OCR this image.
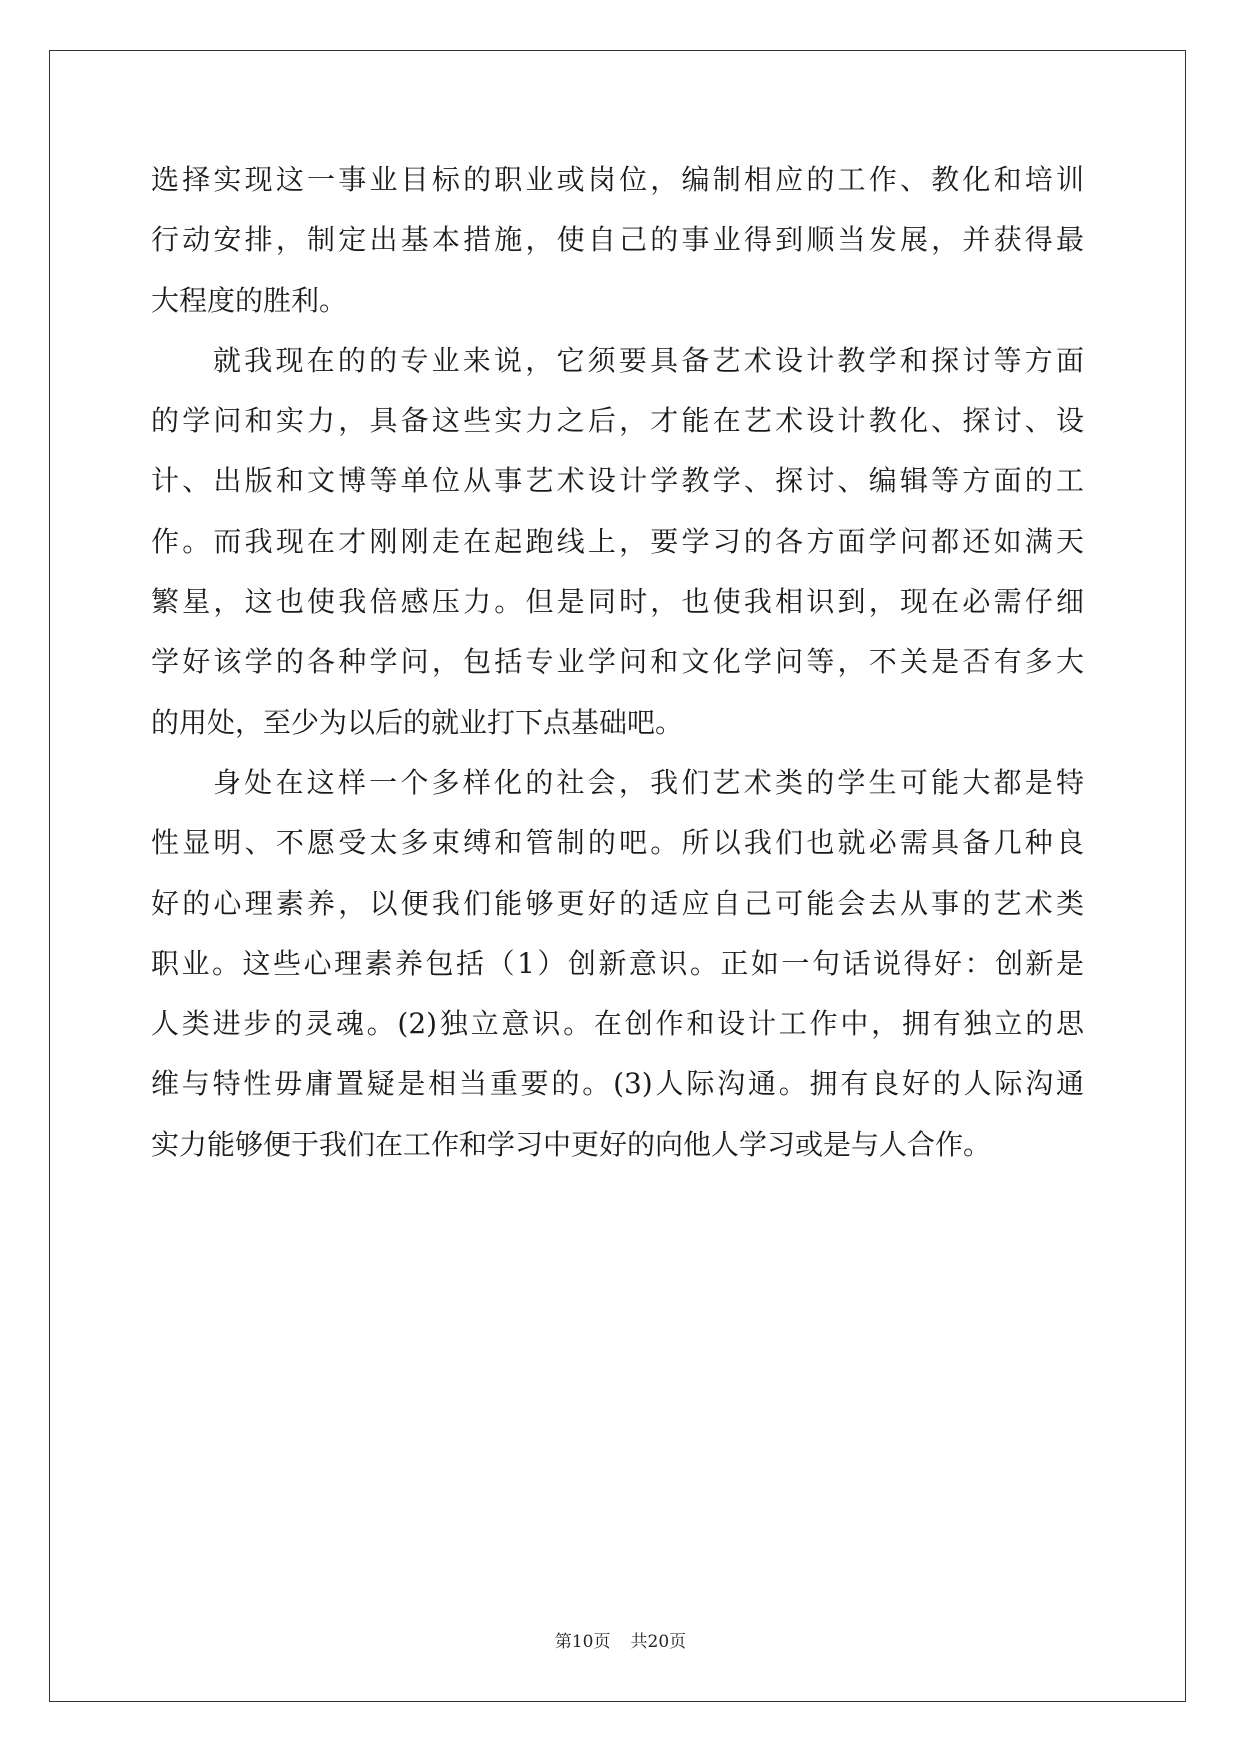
选择实现这一事业目标的职业或岗位，编制相应的工作、教化和培训
行动安排，制定出基本措施，使自己的事业得到顺当发展，并获得最
大程度的胜利。
就我现在的的专业来说，它须要具备艺术设计教学和探讨等方面
的学问和实力，具备这些实力之后，才能在艺术设计教化、探讨、设
计、出版和文博等单位从事艺术设计学教学、探讨、编辑等方面的工
作。而我现在才刚刚走在起跑线上，要学习的各方面学问都还如满天
繁星，这也使我倍感压力。但是同时，也使我相识到，现在必需仔细
学好该学的各种学问，包括专业学问和文化学问等，不关是否有多大
的用处，至少为以后的就业打下点基础吧。
身处在这样一个多样化的社会，我们艺术类的学生可能大都是特
性显明、不愿受太多束缚和管制的吧。所以我们也就必需具备几种良
好的心理素养，以便我们能够更好的适应自己可能会去从事的艺术类
职业。这些心理素养包括（1）创新意识。正如一句话说得好：创新是
人类进步的灵魂。(2)独立意识。在创作和设计工作中，拥有独立的思
维与特性毋庸置疑是相当重要的。(3)人际沟通。拥有良好的人际沟通
实力能够便于我们在工作和学习中更好的向他人学习或是与人合作。
第10页 共20页
